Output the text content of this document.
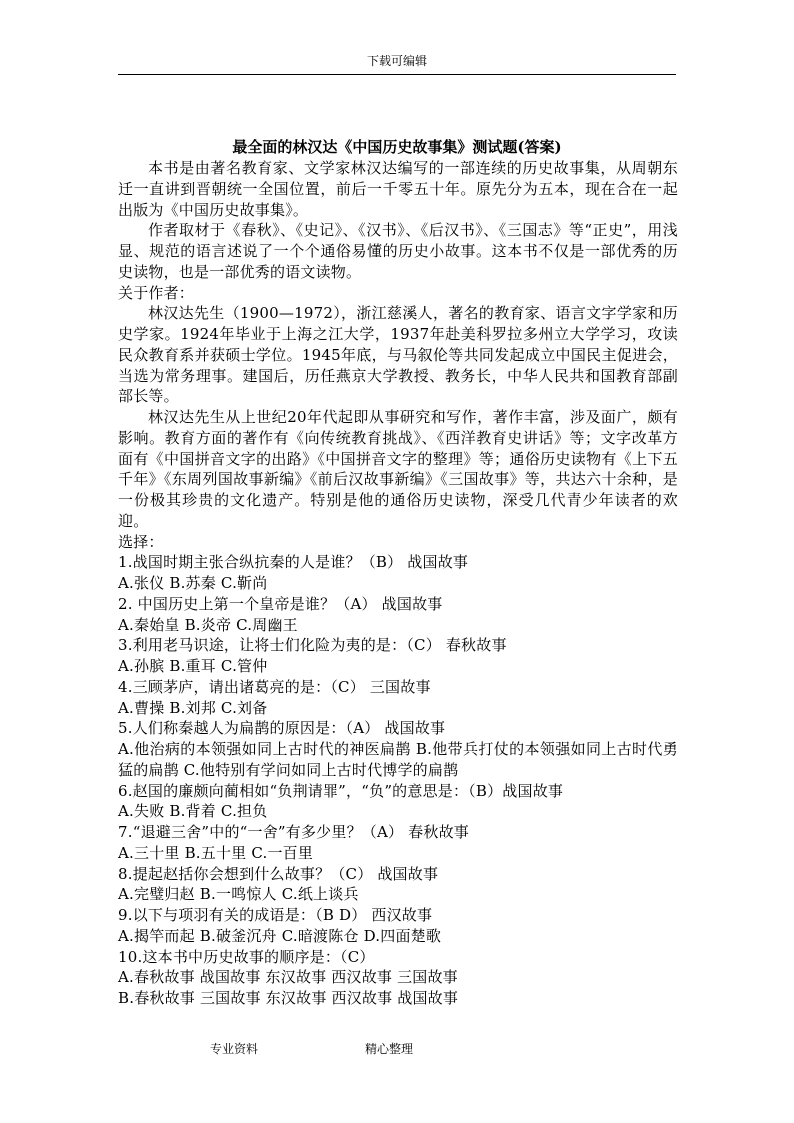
下载可编辑
最全面的林汉达《中国历史故事集》测试题(答案)

本书是由著名教育家、文学家林汉达编写的一部连续的历史故事集，从周朝东迁一直讲到晋朝统一全国位置，前后一千零五十年。原先分为五本，现在合在一起出版为《中国历史故事集》。

作者取材于《春秋》、《史记》、《汉书》、《后汉书》、《三国志》等“正史”，用浅显、规范的语言述说了一个个通俗易懂的历史小故事。这本书不仅是一部优秀的历史读物，也是一部优秀的语文读物。

关于作者：

林汉达先生（1900—1972），浙江慈溪人，著名的教育家、语言文字学家和历史学家。1924年毕业于上海之江大学，1937年赴美科罗拉多州立大学学习，攻读民众教育系并获硕士学位。1945年底，与马叙伦等共同发起成立中国民主促进会，当选为常务理事。建国后，历任燕京大学教授、教务长，中华人民共和国教育部副部长等。

林汉达先生从上世纪20年代起即从事研究和写作，著作丰富，涉及面广，颇有影响。教育方面的著作有《向传统教育挑战》、《西洋教育史讲话》等；文字改革方面有《中国拼音文字的出路》《中国拼音文字的整理》等；通俗历史读物有《上下五千年》《东周列国故事新编》《前后汉故事新编》《三国故事》等，共达六十余种，是一份极其珍贵的文化遗产。特别是他的通俗历史读物，深受几代青少年读者的欢迎。

选择：

1.战国时期主张合纵抗秦的人是谁？（B） 战国故事

A.张仪 B.苏秦 C.靳尚

2. 中国历史上第一个皇帝是谁？（A） 战国故事

A.秦始皇 B.炎帝 C.周幽王

3.利用老马识途，让将士们化险为夷的是：（C） 春秋故事

A.孙膑 B.重耳 C.管仲

4.三顾茅庐，请出诸葛亮的是：（C） 三国故事

A.曹操 B.刘邦 C.刘备

5.人们称秦越人为扁鹊的原因是：（A） 战国故事

A.他治病的本领强如同上古时代的神医扁鹊 B.他带兵打仗的本领强如同上古时代勇猛的扁鹊 C.他特别有学问如同上古时代博学的扁鹊

6.赵国的廉颇向蔺相如“负荆请罪”，“负”的意思是：（B）战国故事

A.失败 B.背着 C.担负

7.“退避三舍”中的“一舍”有多少里？（A） 春秋故事

A.三十里 B.五十里 C.一百里

8.提起赵括你会想到什么故事？（C） 战国故事

A.完璧归赵 B.一鸣惊人 C.纸上谈兵

9.以下与项羽有关的成语是：（B D） 西汉故事

A.揭竿而起 B.破釜沉舟 C.暗渡陈仓 D.四面楚歌

10.这本书中历史故事的顺序是：（C）

A.春秋故事 战国故事 东汉故事 西汉故事 三国故事

B.春秋故事 三国故事 东汉故事 西汉故事 战国故事

专业资料	精心整理
